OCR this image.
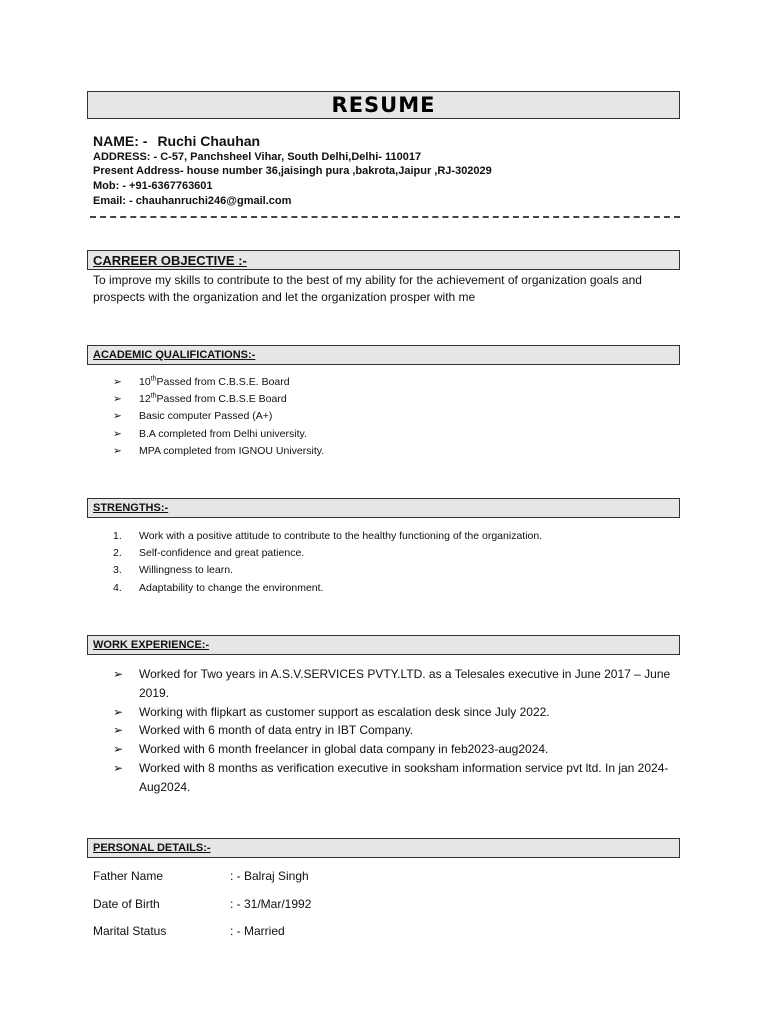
RESUME
NAME: - Ruchi Chauhan
ADDRESS: - C-57, Panchsheel Vihar, South Delhi,Delhi- 110017
Present Address- house number 36,jaisingh pura ,bakrota,Jaipur ,RJ-302029
Mob: - +91-6367763601
Email: - chauhanruchi246@gmail.com
CARREER OBJECTIVE :-
To improve my skills to contribute to the best of my ability for the achievement of organization goals and prospects with the organization and let the organization prosper with me
ACADEMIC QUALIFICATIONS:-
➢ 10thPassed from C.B.S.E. Board
➢ 12thPassed from C.B.S.E Board
➢ Basic computer Passed (A+)
➢ B.A completed from Delhi university.
➢ MPA completed from IGNOU University.
STRENGTHS:-
1. Work with a positive attitude to contribute to the healthy functioning of the organization.
2. Self-confidence and great patience.
3. Willingness to learn.
4. Adaptability to change the environment.
WORK EXPERIENCE:-
➢ Worked for Two years in A.S.V.SERVICES PVTY.LTD. as a Telesales executive in June 2017 – June 2019.
➢ Working with flipkart as customer support as escalation desk since July 2022.
➢ Worked with 6 month of data entry in IBT Company.
➢ Worked with 6 month freelancer in global data company in feb2023-aug2024.
➢ Worked with 8 months as verification executive in sooksham information service pvt ltd. In jan 2024-Aug2024.
PERSONAL DETAILS:-
Father Name	: - Balraj Singh
Date of Birth	: - 31/Mar/1992
Marital Status	: - Married
